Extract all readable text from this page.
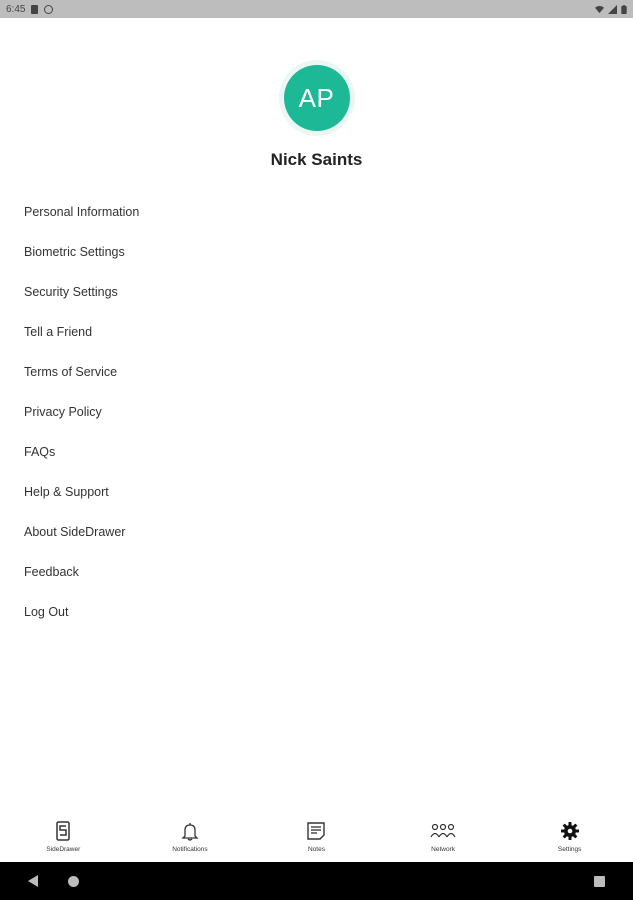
6:45
AP
Nick Saints
Personal Information
Biometric Settings
Security Settings
Tell a Friend
Terms of Service
Privacy Policy
FAQs
Help & Support
About SideDrawer
Feedback
Log Out
SideDrawer	Notifications	Notes	Network	Settings
